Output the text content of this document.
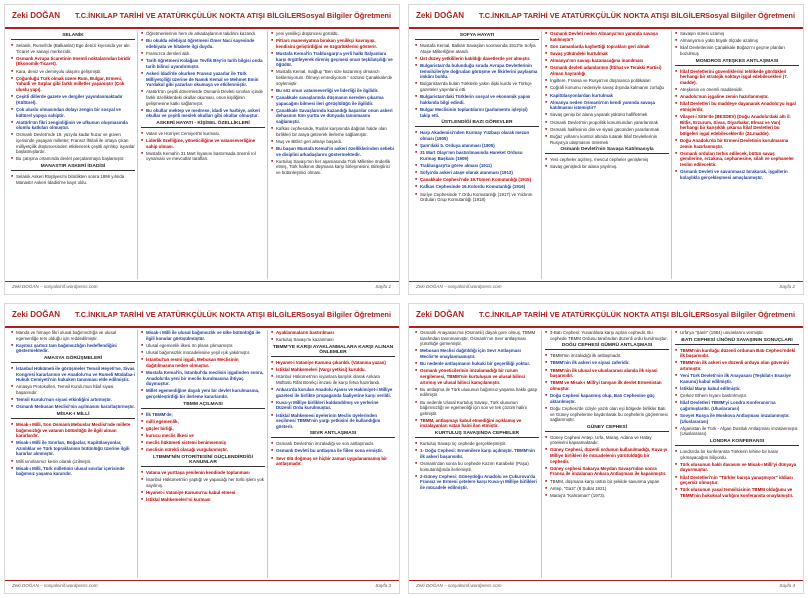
Zeki DOĞAN T.C.İNKILAP TARİHİ VE ATATÜRKÇÜLÜK NOKTA ATIŞI BİLGİLER Sosyal Bilgiler Öğretmeni
SELANİK
■ Selanik, Rumeli'de (Balkanlar) Ege denizi kıyısında yer alır. Ticaret ve sanayi merkezidir.
■ Osmanlı Avrupa ticaretinin önemli noktalarından biridir (Ekonomik-Ticaret).
■ Kara, deniz ve demiryolu ulaşımı gelişmiştir.
■ Çoğunluğu Türk olmak üzere Rum, Bulgar, Ermeni, Yahudi ve Sırplar gibi farklı milletler yaşamıştır (Çok uluslu yapı).
■ Çeşitli dillerde gazete ve dergiler yayımlanmaktadır (Kültürel).
■ Çok uluslu olmasından dolayı zengin bir sosyal ve kültürel yapıya sahiptir.
■ Atatürk'ün fikri zenginliğinin ve ufkunun oluşmasında olumlu katkıları olmuştur.
■ Osmanlı Devleti'nde 19. yüzyıla kadar huzur ve güven içerisinde yaşayan milletler, Fransız İhtilali ile ortaya çıkan milliyetçilik düşüncesinden etkilenerek çeşitli ayrılıkçı isyanlar başlatmışlardır.
■ Bu çatışma ortamında devlet parçalanmaya başlamıştır.
MANASTIR ASKERİ İDADİSİ
■ Selanik Askeri Rüştiyesi'ni bitirdikten sonra 1896 yılında Manastır Askeri İdadisi'ne kayıt oldu.
■ Öğretmenlerinin hem de arkadaşlarının takdirini kazandı.
■ Bu okulda edebiyat öğretmeni Ömer Naci sayesinde edebiyata ve hitabete ilgi duydu.
■ Fransızca dersleri aldı.
■ Tarih öğretmeni Kolağası Tevfik Bey'in tarih bilgisi onda tarih bilinci uyandırmıştır.
■ Askeri İdadi'de okurken Fransız yazarlar ile Türk Milliyetçiliği üzerine de Namık Kemal ve Mehmet Emin Yurdakul gibi yazarları okumaya ve etkilenmiştir.
■ Atatürk'ün çeşitli dönemlerde Osmanlı Devleti sınırları içinde farklı özelliklerdeki okullar okuması, onun kişiliğinin gelişmesine katkı sağlamıştır.
■ Bu okullar mektep ve medrese, idadi ve harbiye, askeri okullar ve çeşitli meslek okulları gibi okullar olmuştur.
ASKERİ HAYATI - KİŞİSEL ÖZELLİKLERİ
■ Vatan ve Hürriyet Cemiyeti'ni kurması.
■ Liderlik özelliğine, yöneticiliğine ve vatanseverliğine sahip olması.
■ Mustafa Kemal'in 31 Mart İsyanını bastırmada önemli rol oynaması ve mevcutlar tarafları.
■ yeni yenilikçi düşüncesi görüldü.
■ Pitrarc maneviyatına bırakan yenilikçi kavrayışı, kendisini geliştirdiğini ve özgürlüklerini gösterir.
■ Mustafa Kemal'in Trablusgarp'a yerli halkı İtalyanlara karşı örgütleyerek direniş geçmesi onun teşkilatçılığı ve öğüdür.
■ Mustafa Kemal, mağlup "Ben size kazanmış olmanızı beklemiyorum. Ölmeyi emrediyorum." sözünü Çanakkale'de söylemiştir.
■ Bu söz onun vatanseverliği ve liderliği ile ilgilidir.
■ Çanakkale savaşlarında düşmanın nereden çıkarma yapacağını bilmesi ileri görüşlülüğü ile ilgilidir.
■ Çanakkale Savaşlarında kazandığı başarılar onun askeri dehasının tüm yurtta ve dünyada tanınmasını sağlamıştır.
■ Kafkas cephesinde, Ruslar karşısında dağılan halde olan birlikleri bir araya getirerek ilerleme sağlamıştır.
■ Muş ve Bitlis'i geri almayı başardı.
■ Bu başarı Mustafa Kemal'in askeri özelliklerinden sebebi ve disiplini arkadaşlarını göstermektedir.
■ Kurtuluş Savaşı'nın her aşamasında Türk Milletine önderlik etmiş, Türk halkının düşmana karşı birleşmesini, Birleştirici ve bütünleştirici olması.
Zeki DOĞAN – sosyalsinif.wordpress.com	Sayfa 1
Zeki DOĞAN T.C.İNKILAP TARİHİ VE ATATÜRKÇÜLÜK NOKTA ATIŞI BİLGİLER Sosyal Bilgiler Öğretmeni
SOFYA HAYATI
■ Mustafa Kemal, Balkan Savaşları sonrasında 1913'te Sofya Ataşe Militerliğine atandı.
■ Üst düzey yetkililerin katıldığı davetlerde yer almıştır.
■ Bulgaristan'da bulunduğu sırada Avrupa Devletlerinin temsilcileriyle doğrudan görüşme ve fikirlerini paylaşma imkânı buldu.
■ Bulgaristan'da bulan Türklerle yakın ilişki kurdu ve Türkçe gazeteler yayınlanı̇ı̇ etti.
■ Bulgaristan'daki Türklerin sosyal ve ekonomik yapısı hakkında bilgi edindi.
■ Bulgar Meclisinin toplantılarını (parlamento işleyişi) takip etti.
ÜSTLENDİĞİ BAZI GÖREVLER
■ Harp Akademisi'nden Kurmay Yüzbaşı olarak mezun olması (1905)
■ Şam'daki 5. Orduya atanması (1905)
■ 31 Mart Olayı'nın bastırılmasında Hareket Ordusu Kurmay Başkanı (1909)
■ Trablusgarp'ta görev alması (1911)
■ Sofya'da askeri ataşe olarak atanması (1913)
■ Çanakkale Cephesi'nde 19.Tümen Komutanlığı (1915)
■ Kafkas Cephesinde 16.Kolordu Komutanlığı (1916)
■ Suriye Cephesinde 7.Ordu Komutanlığı (1917) ve Yıldırım Orduları Grup Komutanlığı (1918)
■ Osmanlı Devleti neden Almanya'nın yanında savaşa katılmıştır?
■ Son zamanlarda kaybettiği toprakları geri almak
■ Savaş yükündeki kurtulmak
■ Almanya'nın savaşı kazanacağına inanılması
■ Osmanlı devleti adamlarının (İttihat ve Terakki Partisi) Alman hayranlığı
■ İngiltere, Fransa ve Rusya'nın düşmanca politikaları
■ Coğrafi konumu nedeniyle savaş dışında kalmanın zorluğu
■ Kapitülasyonlardan kurtulmak
■ Almanya neden Osmanlı'nın kendi yanında savaşa katılmasını istemiştir?
■ Savaş genişi bir alana yayarak yükünü hafifletmek
■ Osmanlı Devleti'nin jeopolitik konumundan yararlanmak
■ Osmanlı halifesinin dini ve siyasi gücünden yararlanmak
■ Boğaz yollarını kontrol altında tutarak İtilaf Devletlerinin Rusya'ya ulaşmasını önlemek
Osmanlı Devleti'nin Savaşa Katılmasıyla
■ Yeni cepheler açılmış, mevcut cepheler genişlemiş
■ Savaş genişledi bir alana yayılmış.
■ Savaşın süresi uzamış
■ Almanya'nın yükü büyük ölçüde azalmış
■ İtilaf Devletlerinin Çanakkale Boğazı'nı geçme planları bozulmuş
MONDROS ATEŞKES ANTLAŞMASI
■ İtilaf Devletlerini güvenliklerini tehlikede gördükleri herhangi bir stratejik noktayı işgal edebilecekleri (7. madde).
■ Ateşkesin en önemli maddesidir.
■ Anadolu'nun işgaline zemin hazırlanmıştır.
■ İtilaf Devletleri bu maddeye dayanarak Anadolu'yu işgal etmişlerdir.
■ Vilayet-i Sitte'de (BESDEV) (Doğu Anadolu'daki altı il: Bitlis, Erzurum, Sivas, Diyarbakır, Elmaz ve Van) herhangi bir karışıklık çıkarsa İtilaf Devletleri bu bölgeleri işgal edebileceklerdir (24.madde).
■ Doğu Anadolu'da bir Ermeni Devletinin kurulmasına zemin hazırlanmıştır.
■ Osmanlı orduları terhis edilecek, bütün savaş gemilerine, erzakına, cephanesine, silah ve cephaneler teslim edilecektir.
■ Osmanlı Devleti ve savunmasız bırakarak, işgallerin kolaylıkla gerçekleşmesi amaçlanmıştır.
Zeki DOĞAN – sosyalsinif.wordpress.com	Sayfa 2
Zeki DOĞAN T.C.İNKILAP TARİHİ VE ATATÜRKÇÜLÜK NOKTA ATIŞI BİLGİLER Sosyal Bilgiler Öğretmeni
■ Manda ve himaye fikri ulusal bağımsızlığa ve ulusal egemenliğe ters olduğu için reddedilmiştir.
■ Kayıtsız şartsız tam bağımsızlığın hedeflendiğini göstermektedir.
AMASYA GÖRÜŞMELERİ
■ İstanbul Hükümeti ile görüşmeler Temsil Heyeti'ne, Sivas Kongresi kararlarının ve Anadolu'nu ve Rumeli Müdafaa-i Hukuk Cemiyeti'nin hukuken tanınması elde edilmiştir.
■ Amasya Protokolleri, Temsil Kurulu'nun İtilaf siyasi başarısıdır.
■ Temsil Kurulu'nun siyasi etkinliğini artırmıştır.
■ Osmanlı Mebusan Meclisi'nin açılmasını kararlaştırmıştır.
MİSAK-I MİLLİ
■ Misak-ı Milli, Son Osmanlı Mebuslar Meclisi'nde millete bağımsızlığı ve vatanın bütünlüğü ile ilgili alınan kararlardır.
■ Misak-ı Milli ile Sınırları, Boğazlar, Kapitülasyonlar, Azınlıklar ve Türk topraklarının bütünlüğü üzerine ilgili kararlar alınmıştır.
■ Milli sınırlarımız kesin olarak çizilmiştir.
■ Misak-ı Milli, Türk milletinin ulusal sınırlar içerisinde bağımsız yaşama kararıdır.
■ Misak-ı Milli ile ulusal bağımsızlık ve ülke bütünlüğü ile ilgili konular görüşülmüştür.
■ Ulusal egemenlik ilkesi ön plana çıkmamıştır.
■ Ulusal bağımsızlık mücadelesine yeşil ışık yakılmıştır.
■ İstanbul'un resmi işgali, Mebusan Meclisinin dağıtılmasına neden olmuştur.
■ Mustafa Kemal'in, İstanbul'da meclisin işgalinden sonra, Anadolu'da yeni bir meclis kurulmasına ihtiyaç duymuştur.
■ Millet egemenliğine dayalı yeni bir devlet kurulmasına, gerçekleştirdiği bir ilerleme kararlarıdır.
TBMM AÇILMASI
■ İlk TBMM'de;
■ milli egemenlik,
■ güçler birliği,
■ kurucu meclis ilkesi ve
■ meclis hükümeti sistemi benimsenmiş
■ meclisin sürekli olacağı vurgulanmıştır.
I.TBMM'NİN OTORİTESİNİ GÜÇLENDİRDİĞİ KANUNLAR
■ Vatana ve yurttaşa yenilenin kendinde toplanması
■ İstanbul Hükümeti'nin yaptığı ve yapacağı her türlü işlem yok sayılmış.
■ Hıyanet-i Vataniye Kanunu'nu kabul etmesi
■ İstiklal Mahkemeleri'ni kurması
■ Ayaklanmaların bastırılması
■ Kurtuluş Savaşı'nı kazanması
TBMM'YE KARŞI AYAKLANMALARA KARŞI ALINAN ÖNLEMLER
■ Hıyanet-i Vataniye Kanunu çıkarıldı. (Vatanına yazan)
■ İstiklal Mahkemeleri (Vargı yetkisi) kuruldu.
■ İstanbul Hükümeti'nin isyanlara karşılık olarak Ankara Müftüsü Rifat Börekçi imzası ile karşı fetva hazırlandı.
■ Ankara'da kurulan Anadolu Ajansı ve Hakimiyet-i Milliye gazetesi ile birlikte propaganda faaliyetine karşı verildi.
■ Kuva-yı Milliye birlikleri kuldandılmış ve yerlerine Düzenli Ordu kurulmuştur.
■ İstiklal Mahkemesi üyelerinin Meclis üyelerinden seçilmesi TBMM'nin yargı yetkisini de kullandığını gösterir.
SEVR ANTLAŞMASI
■ Osmanlı Devleti'nin imzaladığı ve son antlaşmadır.
■ Osmanlı Devleti bu antlaşma ile fiilen sona ermiştir.
■ Sevr ölü doğmuş ve hiçbir zaman uygulanamamış bir antlaşmadır.
Zeki DOĞAN – sosyalsinif.wordpress.com	Sayfa 3
Zeki DOĞAN T.C.İNKILAP TARİHİ VE ATATÜRKÇÜLÜK NOKTA ATIŞI BİLGİLER Sosyal Bilgiler Öğretmeni
■ Osmanlı Anayasası'na (Osmanlı) dayalı gore olmuş, TBMM tarafından tanınmamıştır. Osmanlı'nın Sevr antlaşması yürürlüğe girmemiştir.
■ Mebusan Meclisi dağıtıldığı için Sevr Antlaşması Meclis'te onaylanmamıştır.
■ Bu nedenle antlaşmanın hukuki bir geçerliliği yoktur.
■ Osmanlı yöneticilerinin imzalamadığı bir rurum sergilemesi, TBMM'nin kurtuluşun ve ulusal bilinci artırmış ve ulusal bilinci kamçılamıştır.
■ Bu antlaşma ile Türk ulusunun bağımsız yaşama hakkı gasp edilmiştir.
■ Bu nedenle Ulusal Kurtuluş Savaşı, Türk ulusunun bağımsızlığı ve egemenliği için son ve tek çözüm halini gelmiştir.
■ TBMM, antlaşmayı kabul etmediğini açıklamış ve imzalayanları vatan haini ilan etmiştir.
KURTULUŞ SAVAŞINDA CEPHELER
■ Kurtuluş Savaşı üç cephede gerçekleşmiştir.
■ 1- Doğu Cephesi: Ermenilere karşı açılmıştır. TBMM'nin ilk askeri başarısıdır.
■ Osmanlı'dan sonra bu cephede Kazım Karabekir (Paşa) komutanlığında ilerlemiştir.
■ 2-Güney Cephesi: Güneydoğu Anadolu ve Çukurova'da Fransız ve Ermeni çetelere karşı Kuva-yı Milliye birlikleri ile mücadele edilmiştir.
■ 3-Batı Cephesi: Yunanlılara karşı açılan cephedir. Bu cephede TBMM Ordusu tarafından düzenli ordu kurulmuştur.
DOĞU CEPHESİ GÜMRÜ ANTLAŞMASI
■ TBMM'nin imzaladığı ilk antlaşmadır.
■ TBMM'nin ilk askeri ve siyasi zaferidir.
■ TBMM'nin ilk ulusal ve uluslararası alanda ilk siyasi başarısıdır.
■ TBMM ve Misak-ı Milli'yi tanıyan ilk devlet Ermenistan olmuştur.
■ Doğu Cephesi kapanmış olup, Batı Cephesine güç aktarılmıştır.
■ Doğu Cephesi'de ciziyle yazılı olan eşi bölgede birlikler Batı ve Güney cephelerine kaydırılarak bu cephelerin güçlenmesi sağlanmıştır.
GÜNEY CEPHESİ
■ Güney Cephesi Antep, Urfa, Maraş, Adana ve Hatay yörelerini kapsamaktadır.
■ Güney Cephesi, düzenli ordunun kullanılmadığı, Kuva-yı Milliye birlikleri ile mücadelenin yürütüldüğü bir cephedir.
■ Güney cephesi Sakarya Meydan Savaşı'ndan sonra Fransa ile imzalanan Ankara Antlaşması ile kapanmıştır.
■ TBMM, düşmana karşı üstün bir şekilde savunma yapan
■ Antep, "Gazi" (8 Şubat 1921)
■ Maraş'a "Kahraman" (1973).
■ Urfa'ya "Şanlı" (1984) unvanlarını vermiştir.
BATI CEPHESİ I.İNÖNÜ SAVAŞININ SONUÇLARI
■ TBMM'nin kurduğu düzenli ordunun Batı Cephesi'ndeki ilk başarısıdır.
■ TBMM'nin ilk askeri ve düzenli orduyu olan güvenini artırmıştır.
■ Yeni Türk Devleti'nin ilk Anayasası (Teşkilat-ı Esasiye Kanunu) kabul edilmiştir.
■ İstiklal Marşı kabul edilmiştir.
■ Çerkez Ethem İsyanı bastırılmıştır.
■ İtilaf Devletleri TBMM'yi Londra Konferansı'na çağırmışlardır. (Uluslararası)
■ Sovyet Rusya ile Moskova Antlaşması imzalanmıştır. (Uluslararası)
■ Afganistan ile Türk - Afgan Dostluk Antlaşması imzalanmıştır. (Uluslararası)
LONDRA KONFERANSI
■ Londra'da bir konferansta Türklerin lehine bir karar çıkmayacağını biliyordu.
■ Türk ulusunun haklı davasını ve Misak-ı Milli'yi dünyaya duyurmuştur.
■ İtilaf Devletleri'nin "Türkler barışa yanaşmıyor" iddiası geçersiz olmuştur.
■ Türk ulusunun yasal temsilcisinin TBMM olduğunu ve TBMM'nin hukuksal varlığını konferansta onaylamıştır.
Zeki DOĞAN – sosyalsinif.wordpress.com	Sayfa 4
